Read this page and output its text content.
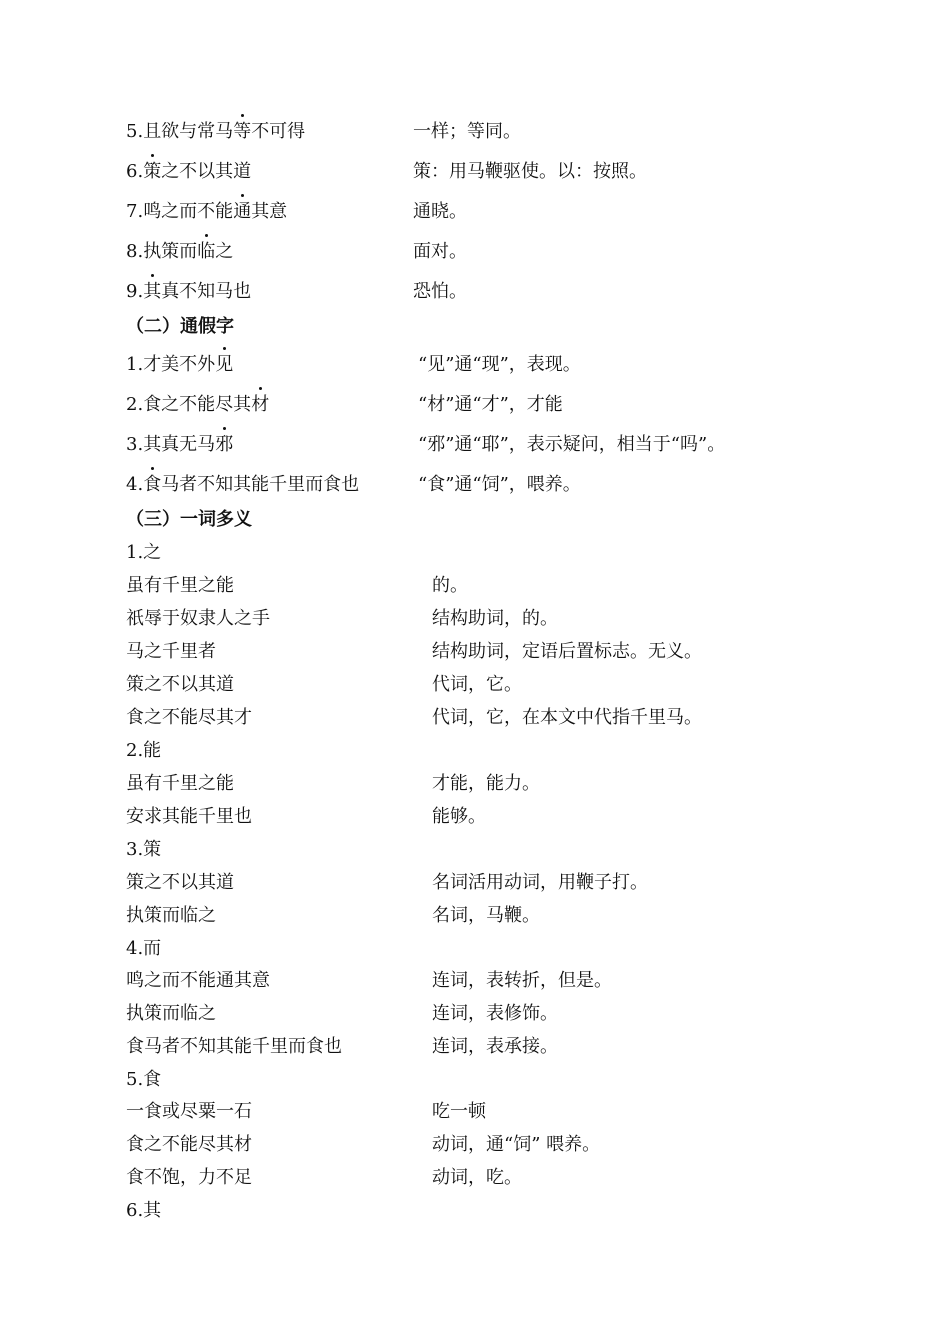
5.且欲与常马等不可得	一样；等同。
6.策之不以其道	策：用马鞭驱使。以：按照。
7.鸣之而不能通其意	通晓。
8.执策而临之	面对。
9.其真不知马也	恐怕。
（二）通假字
1.才美不外见	“见”通“现”，表现。
2.食之不能尽其材	“材”通“才”，才能
3.其真无马邪	“邪”通“耶”，表示疑问，相当于“吗”。
4.食马者不知其能千里而食也	“食”通“饲”，喂养。
（三）一词多义
1.之
虽有千里之能	的。
祇辱于奴隶人之手	结构助词，的。
马之千里者	结构助词，定语后置标志。无义。
策之不以其道	代词，它。
食之不能尽其才	代词，它，在本文中代指千里马。
2.能
虽有千里之能	才能，能力。
安求其能千里也	能够。
3.策
策之不以其道	名词活用动词，用鞭子打。
执策而临之	名词，马鞭。
4.而
鸣之而不能通其意	连词，表转折，但是。
执策而临之	连词，表修饰。
食马者不知其能千里而食也	连词，表承接。
5.食
一食或尽粟一石	吃一顿
食之不能尽其材	动词，通“饲” 喂养。
食不饱，力不足	动词，吃。
6.其
